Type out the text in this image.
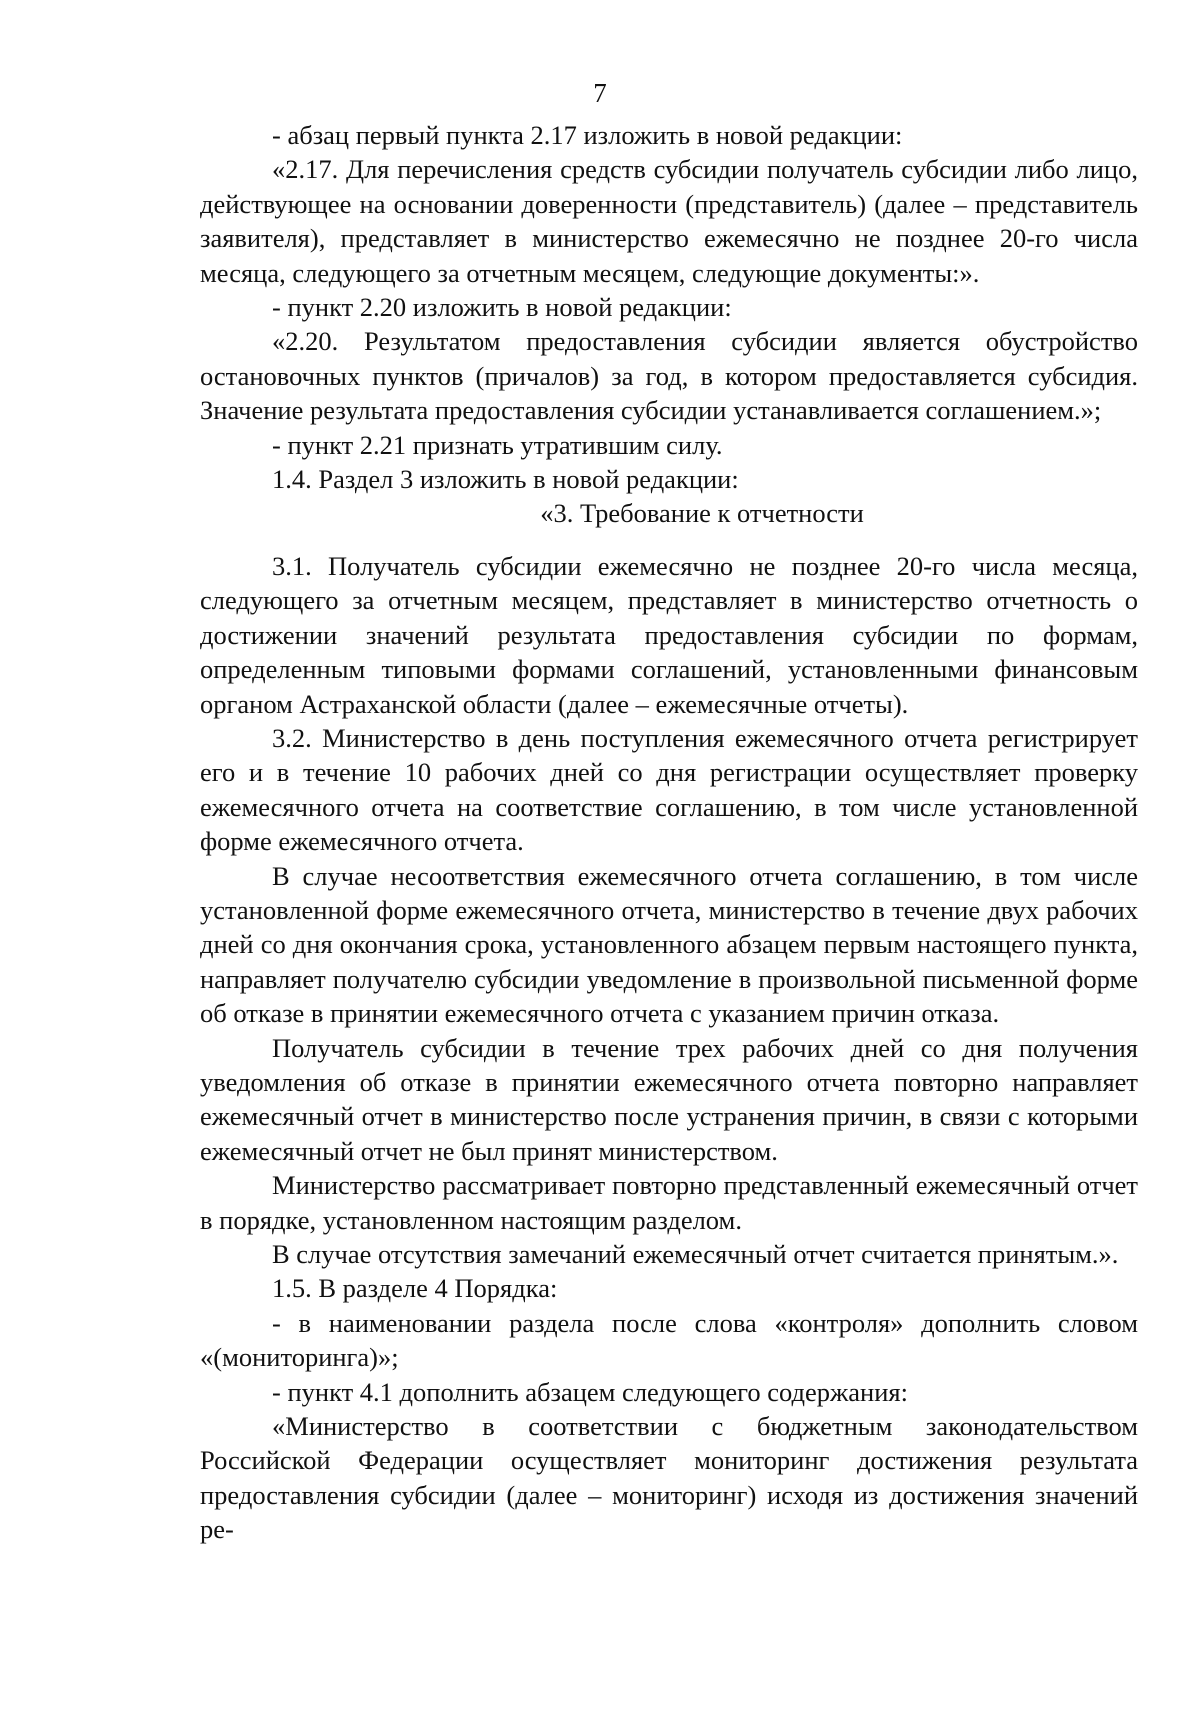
7

- абзац первый пункта 2.17 изложить в новой редакции:

«2.17. Для перечисления средств субсидии получатель субсидии либо лицо, действующее на основании доверенности (представитель) (далее – представитель заявителя), представляет в министерство ежемесячно не позднее 20-го числа месяца, следующего за отчетным месяцем, следующие документы:».

- пункт 2.20 изложить в новой редакции:

«2.20. Результатом предоставления субсидии является обустройство остановочных пунктов (причалов) за год, в котором предоставляется субсидия. Значение результата предоставления субсидии устанавливается соглашением.»;

- пункт 2.21 признать утратившим силу.

1.4. Раздел 3 изложить в новой редакции:

«3. Требование к отчетности

3.1. Получатель субсидии ежемесячно не позднее 20-го числа месяца, следующего за отчетным месяцем, представляет в министерство отчетность о достижении значений результата предоставления субсидии по формам, определенным типовыми формами соглашений, установленными финансовым органом Астраханской области (далее – ежемесячные отчеты).

3.2. Министерство в день поступления ежемесячного отчета регистрирует его и в течение 10 рабочих дней со дня регистрации осуществляет проверку ежемесячного отчета на соответствие соглашению, в том числе установленной форме ежемесячного отчета.

В случае несоответствия ежемесячного отчета соглашению, в том числе установленной форме ежемесячного отчета, министерство в течение двух рабочих дней со дня окончания срока, установленного абзацем первым настоящего пункта, направляет получателю субсидии уведомление в произвольной письменной форме об отказе в принятии ежемесячного отчета с указанием причин отказа.

Получатель субсидии в течение трех рабочих дней со дня получения уведомления об отказе в принятии ежемесячного отчета повторно направляет ежемесячный отчет в министерство после устранения причин, в связи с которыми ежемесячный отчет не был принят министерством.

Министерство рассматривает повторно представленный ежемесячный отчет в порядке, установленном настоящим разделом.

В случае отсутствия замечаний ежемесячный отчет считается принятым.».

1.5. В разделе 4 Порядка:

- в наименовании раздела после слова «контроля» дополнить словом «(мониторинга)»;

- пункт 4.1 дополнить абзацем следующего содержания:

«Министерство в соответствии с бюджетным законодательством Российской Федерации осуществляет мониторинг достижения результата предоставления субсидии (далее – мониторинг) исходя из достижения значений ре-
